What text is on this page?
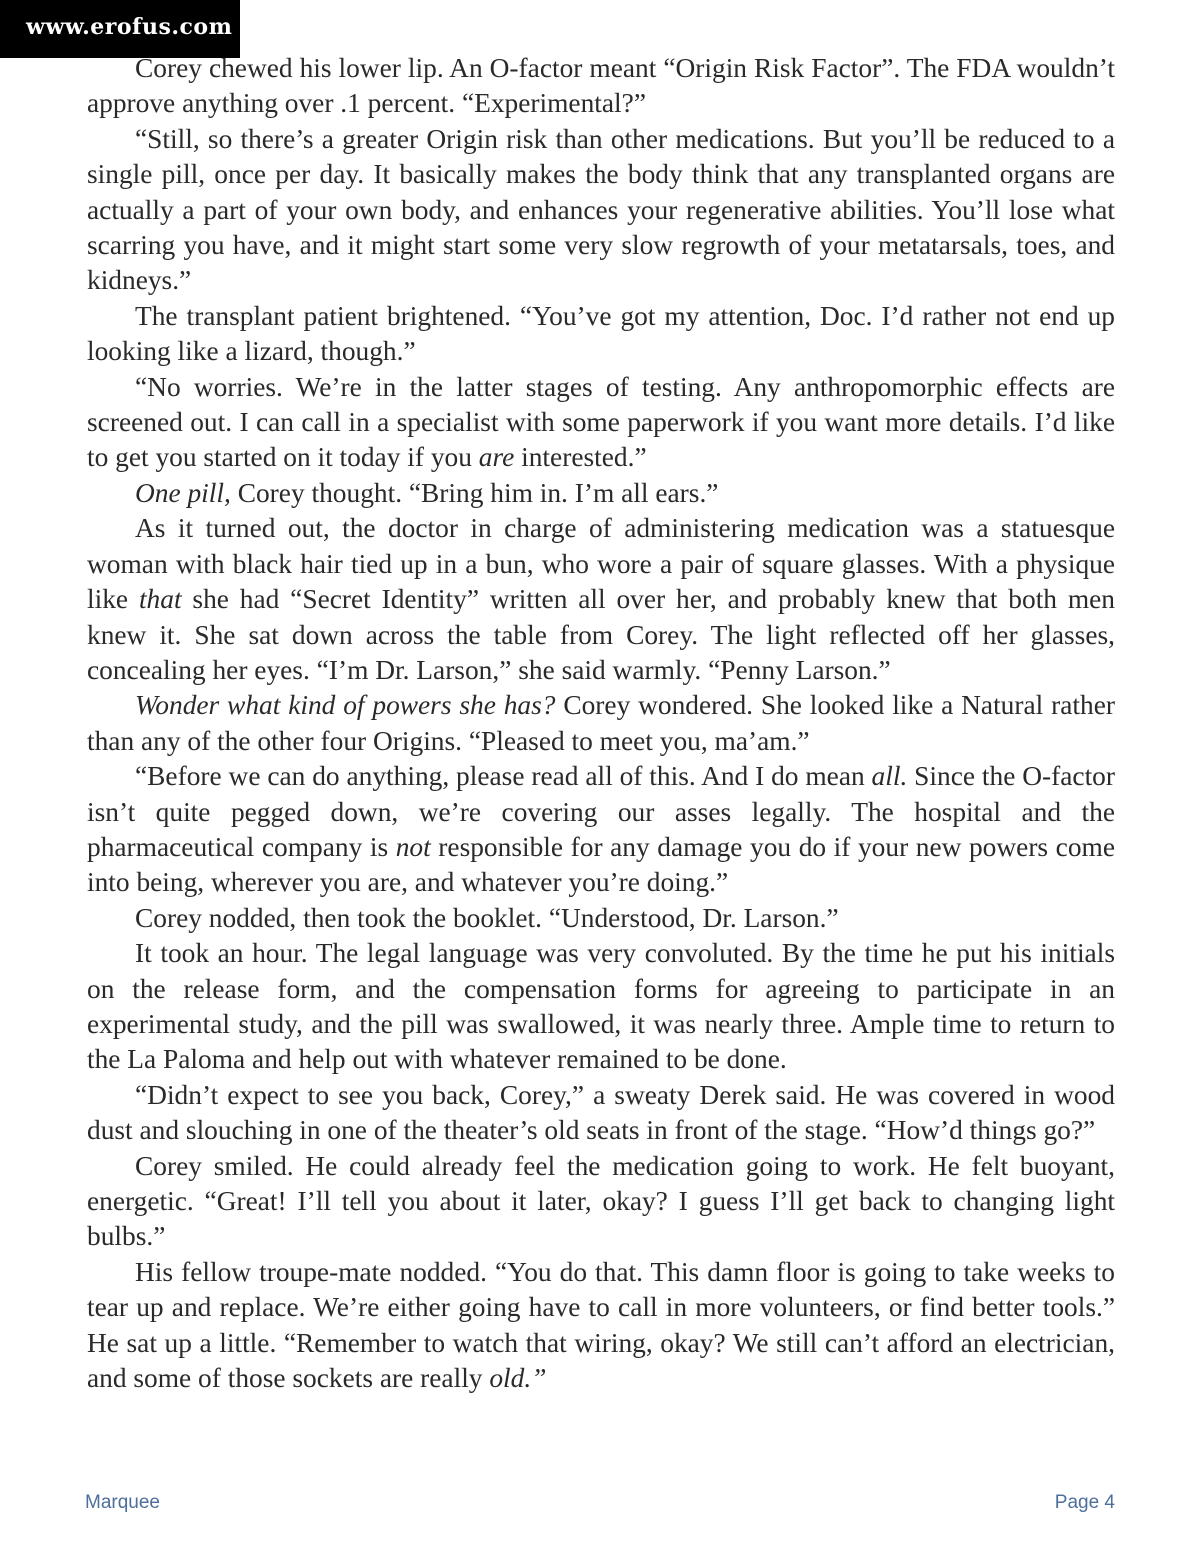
www.erofus.com

Corey chewed his lower lip. An O-factor meant “Origin Risk Factor”. The FDA wouldn’t approve anything over .1 percent. “Experimental?”

“Still, so there’s a greater Origin risk than other medications. But you’ll be reduced to a single pill, once per day. It basically makes the body think that any transplanted organs are actually a part of your own body, and enhances your regenerative abilities. You’ll lose what scarring you have, and it might start some very slow regrowth of your metatarsals, toes, and kidneys.”

The transplant patient brightened. “You’ve got my attention, Doc. I’d rather not end up looking like a lizard, though.”

“No worries. We’re in the latter stages of testing. Any anthropomorphic effects are screened out. I can call in a specialist with some paperwork if you want more details. I’d like to get you started on it today if you are interested.”

One pill, Corey thought. “Bring him in. I’m all ears.”

As it turned out, the doctor in charge of administering medication was a statuesque woman with black hair tied up in a bun, who wore a pair of square glasses. With a physique like that she had “Secret Identity” written all over her, and probably knew that both men knew it. She sat down across the table from Corey. The light reflected off her glasses, concealing her eyes. “I’m Dr. Larson,” she said warmly. “Penny Larson.”

Wonder what kind of powers she has? Corey wondered. She looked like a Natural rather than any of the other four Origins. “Pleased to meet you, ma’am.”

“Before we can do anything, please read all of this. And I do mean all. Since the O-factor isn’t quite pegged down, we’re covering our asses legally. The hospital and the pharmaceutical company is not responsible for any damage you do if your new powers come into being, wherever you are, and whatever you’re doing.”

Corey nodded, then took the booklet. “Understood, Dr. Larson.”

It took an hour. The legal language was very convoluted. By the time he put his initials on the release form, and the compensation forms for agreeing to participate in an experimental study, and the pill was swallowed, it was nearly three. Ample time to return to the La Paloma and help out with whatever remained to be done.

“Didn’t expect to see you back, Corey,” a sweaty Derek said. He was covered in wood dust and slouching in one of the theater’s old seats in front of the stage. “How’d things go?”

Corey smiled. He could already feel the medication going to work. He felt buoyant, energetic. “Great! I’ll tell you about it later, okay? I guess I’ll get back to changing light bulbs.”

His fellow troupe-mate nodded. “You do that. This damn floor is going to take weeks to tear up and replace. We’re either going have to call in more volunteers, or find better tools.” He sat up a little. “Remember to watch that wiring, okay? We still can’t afford an electrician, and some of those sockets are really old.”

Marquee	Page 4
